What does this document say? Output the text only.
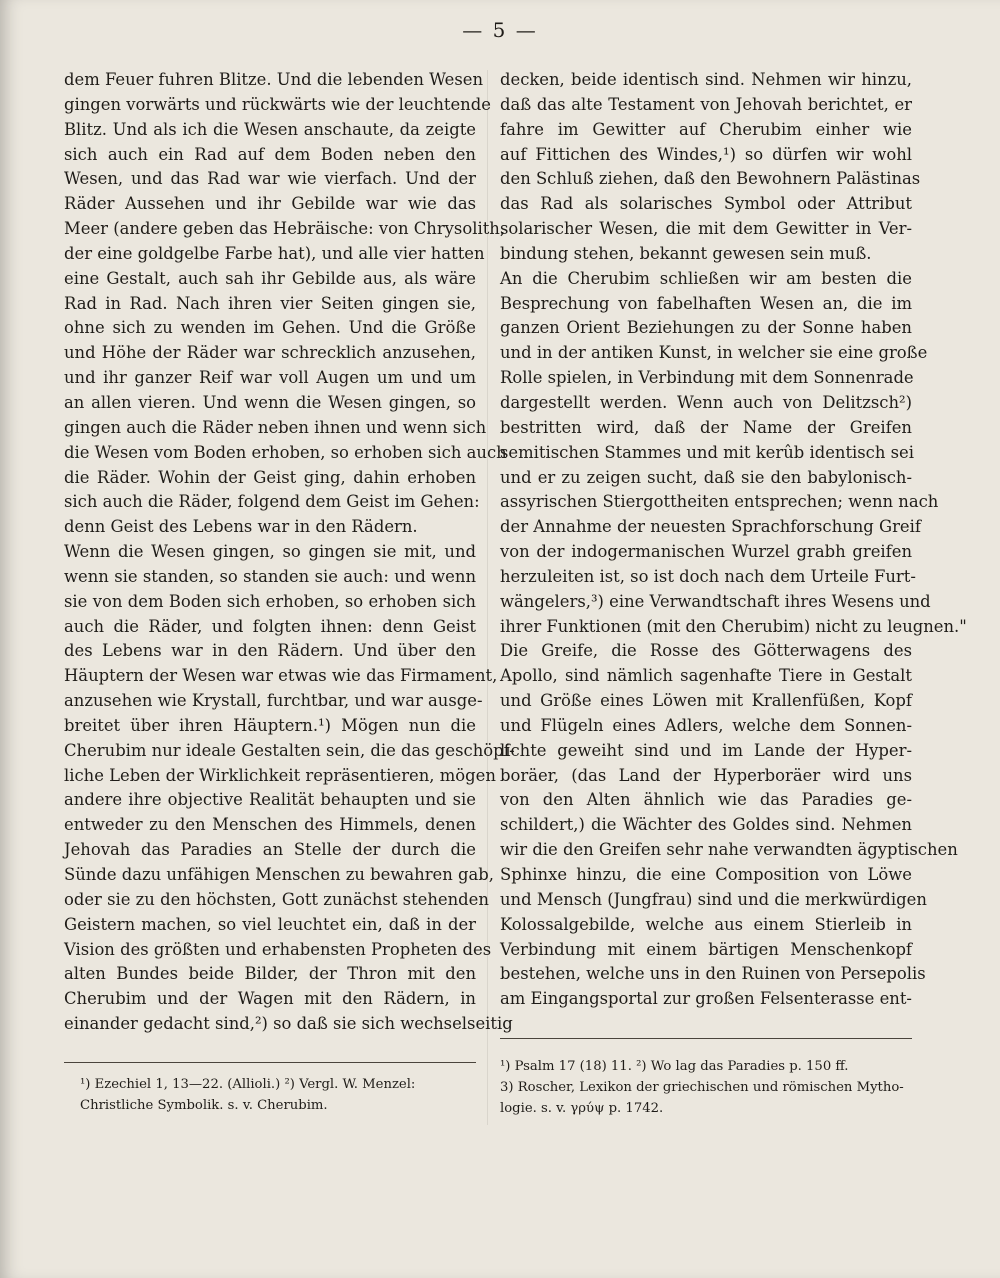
— 5 —
dem Feuer fuhren Blitze. Und die lebenden Wesen
gingen vorwärts und rückwärts wie der leuchtende
Blitz. Und als ich die Wesen anschaute, da zeigte
sich auch ein Rad auf dem Boden neben den
Wesen, und das Rad war wie vierfach. Und der
Räder Aussehen und ihr Gebilde war wie das
Meer (andere geben das Hebräische: von Chrysolith,
der eine goldgelbe Farbe hat), und alle vier hatten
eine Gestalt, auch sah ihr Gebilde aus, als wäre
Rad in Rad. Nach ihren vier Seiten gingen sie,
ohne sich zu wenden im Gehen. Und die Größe
und Höhe der Räder war schrecklich anzusehen,
und ihr ganzer Reif war voll Augen um und um
an allen vieren. Und wenn die Wesen gingen, so
gingen auch die Räder neben ihnen und wenn sich
die Wesen vom Boden erhoben, so erhoben sich auch
die Räder. Wohin der Geist ging, dahin erhoben
sich auch die Räder, folgend dem Geist im Gehen:
denn Geist des Lebens war in den Rädern.
Wenn die Wesen gingen, so gingen sie mit, und
wenn sie standen, so standen sie auch: und wenn
sie von dem Boden sich erhoben, so erhoben sich
auch die Räder, und folgten ihnen: denn Geist
des Lebens war in den Rädern. Und über den
Häuptern der Wesen war etwas wie das Firmament,
anzusehen wie Krystall, furchtbar, und war ausge-
breitet über ihren Häuptern.¹) Mögen nun die
Cherubim nur ideale Gestalten sein, die das geschöpf-
liche Leben der Wirklichkeit repräsentieren, mögen
andere ihre objective Realität behaupten und sie
entweder zu den Menschen des Himmels, denen
Jehovah das Paradies an Stelle der durch die
Sünde dazu unfähigen Menschen zu bewahren gab,
oder sie zu den höchsten, Gott zunächst stehenden
Geistern machen, so viel leuchtet ein, daß in der
Vision des größten und erhabensten Propheten des
alten Bundes beide Bilder, der Thron mit den
Cherubim und der Wagen mit den Rädern, in
einander gedacht sind,²) so daß sie sich wechselseitig
decken, beide identisch sind. Nehmen wir hinzu,
daß das alte Testament von Jehovah berichtet, er
fahre im Gewitter auf Cherubim einher wie
auf Fittichen des Windes,¹) so dürfen wir wohl
den Schluß ziehen, daß den Bewohnern Palästinas
das Rad als solarisches Symbol oder Attribut
solarischer Wesen, die mit dem Gewitter in Ver-
bindung stehen, bekannt gewesen sein muß.
An die Cherubim schließen wir am besten die
Besprechung von fabelhaften Wesen an, die im
ganzen Orient Beziehungen zu der Sonne haben
und in der antiken Kunst, in welcher sie eine große
Rolle spielen, in Verbindung mit dem Sonnenrade
dargestellt werden. Wenn auch von Delitzsch²)
bestritten wird, daß der Name der Greifen
semitischen Stammes und mit kerûb identisch sei
und er zu zeigen sucht, daß sie den babylonisch-
assyrischen Stiergottheiten entsprechen; wenn nach
der Annahme der neuesten Sprachforschung Greif
von der indogermanischen Wurzel grabh greifen
herzuleiten ist, so ist doch nach dem Urteile Furt-
wängelers,³) eine Verwandtschaft ihres Wesens und
ihrer Funktionen (mit den Cherubim) nicht zu leugnen."
Die Greife, die Rosse des Götterwagens des
Apollo, sind nämlich sagenhafte Tiere in Gestalt
und Größe eines Löwen mit Krallenfüßen, Kopf
und Flügeln eines Adlers, welche dem Sonnen-
lichte geweiht sind und im Lande der Hyper-
boräer, (das Land der Hyperboräer wird uns
von den Alten ähnlich wie das Paradies ge-
schildert,) die Wächter des Goldes sind. Nehmen
wir die den Greifen sehr nahe verwandten ägyptischen
Sphinxe hinzu, die eine Composition von Löwe
und Mensch (Jungfrau) sind und die merkwürdigen
Kolossalgebilde, welche aus einem Stierleib in
Verbindung mit einem bärtigen Menschenkopf
bestehen, welche uns in den Ruinen von Persepolis
am Eingangsportal zur großen Felsenterasse ent-
¹) Ezechiel 1, 13—22. (Allioli.) ²) Vergl. W. Menzel:
Christliche Symbolik. s. v. Cherubim.
¹) Psalm 17 (18) 11. ²) Wo lag das Paradies p. 150 ff.
3) Roscher, Lexikon der griechischen und römischen Mytho-
logie. s. v. γρύψ p. 1742.
